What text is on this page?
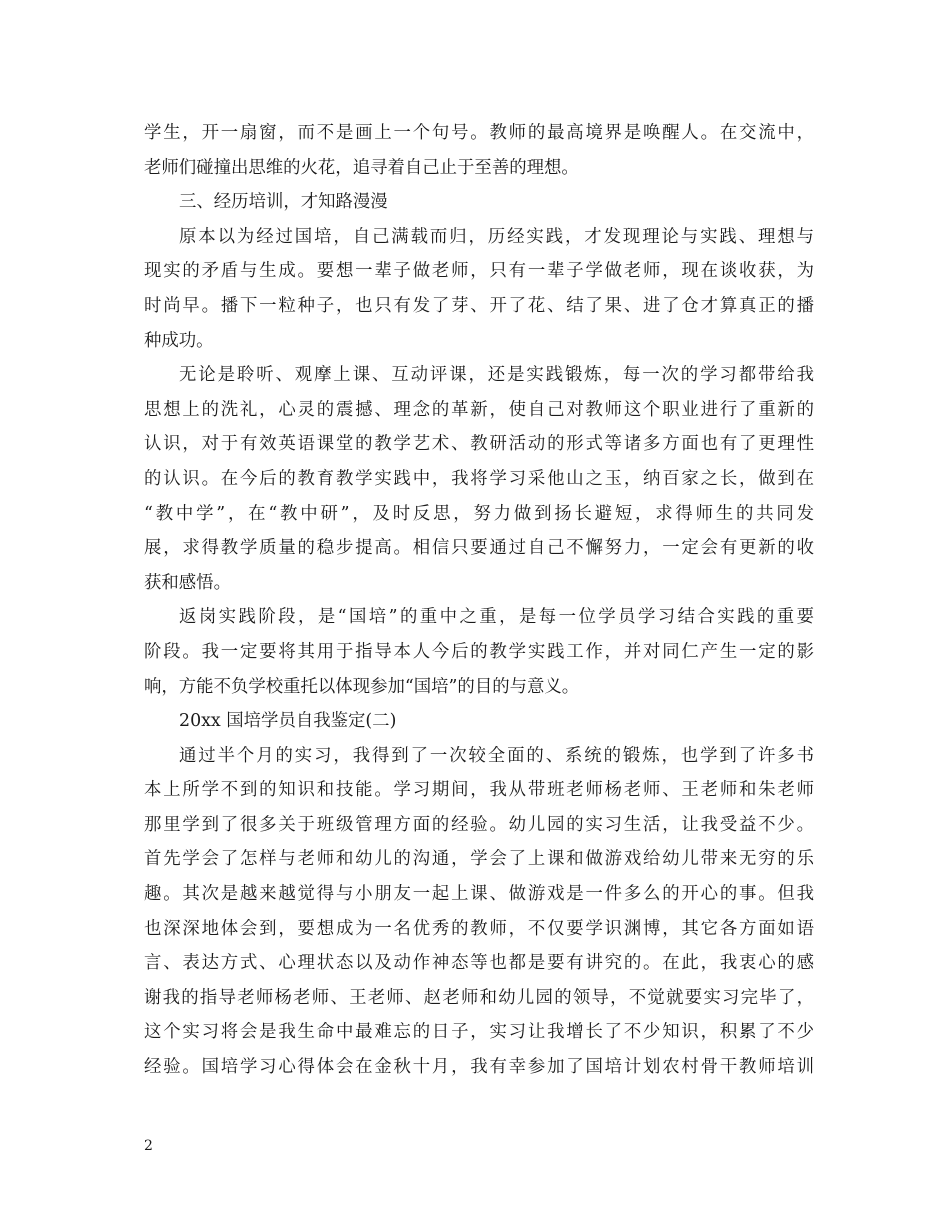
学生，开一扇窗，而不是画上一个句号。教师的最高境界是唤醒人。在交流中，
老师们碰撞出思维的火花，追寻着自己止于至善的理想。
三、经历培训，才知路漫漫
原本以为经过国培，自己满载而归，历经实践，才发现理论与实践、理想与
现实的矛盾与生成。要想一辈子做老师，只有一辈子学做老师，现在谈收获，为
时尚早。播下一粒种子，也只有发了芽、开了花、结了果、进了仓才算真正的播
种成功。
无论是聆听、观摩上课、互动评课，还是实践锻炼，每一次的学习都带给我
思想上的洗礼，心灵的震撼、理念的革新，使自己对教师这个职业进行了重新的
认识，对于有效英语课堂的教学艺术、教研活动的形式等诸多方面也有了更理性
的认识。在今后的教育教学实践中，我将学习采他山之玉，纳百家之长，做到在
“教中学”，在“教中研”，及时反思，努力做到扬长避短，求得师生的共同发
展，求得教学质量的稳步提高。相信只要通过自己不懈努力，一定会有更新的收
获和感悟。
返岗实践阶段，是“国培”的重中之重，是每一位学员学习结合实践的重要
阶段。我一定要将其用于指导本人今后的教学实践工作，并对同仁产生一定的影
响，方能不负学校重托以体现参加“国培”的目的与意义。
20xx 国培学员自我鉴定(二)
通过半个月的实习，我得到了一次较全面的、系统的锻炼，也学到了许多书
本上所学不到的知识和技能。学习期间，我从带班老师杨老师、王老师和朱老师
那里学到了很多关于班级管理方面的经验。幼儿园的实习生活，让我受益不少。
首先学会了怎样与老师和幼儿的沟通，学会了上课和做游戏给幼儿带来无穷的乐
趣。其次是越来越觉得与小朋友一起上课、做游戏是一件多么的开心的事。但我
也深深地体会到，要想成为一名优秀的教师，不仅要学识渊博，其它各方面如语
言、表达方式、心理状态以及动作神态等也都是要有讲究的。在此，我衷心的感
谢我的指导老师杨老师、王老师、赵老师和幼儿园的领导，不觉就要实习完毕了，
这个实习将会是我生命中最难忘的日子，实习让我增长了不少知识，积累了不少
经验。国培学习心得体会在金秋十月，我有幸参加了国培计划农村骨干教师培训
2
